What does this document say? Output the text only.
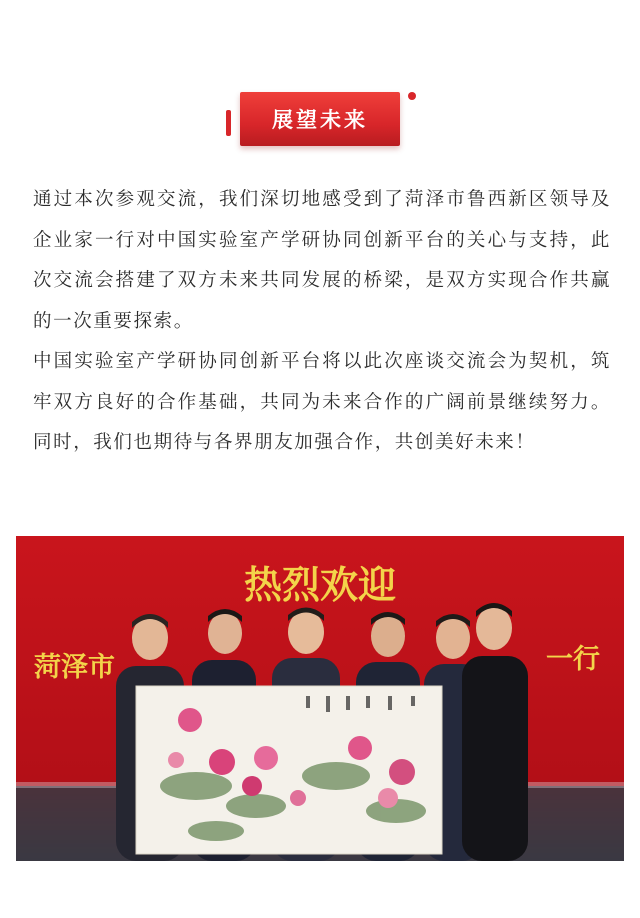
展望未来

通过本次参观交流，我们深切地感受到了菏泽市鲁西新区领导及企业家一行对中国实验室产学研协同创新平台的关心与支持，此次交流会搭建了双方未来共同发展的桥梁，是双方实现合作共赢的一次重要探索。

中国实验室产学研协同创新平台将以此次座谈交流会为契机，筑牢双方良好的合作基础，共同为未来合作的广阔前景继续努力。同时，我们也期待与各界朋友加强合作，共创美好未来！

热烈欢迎
菏泽市	一行
